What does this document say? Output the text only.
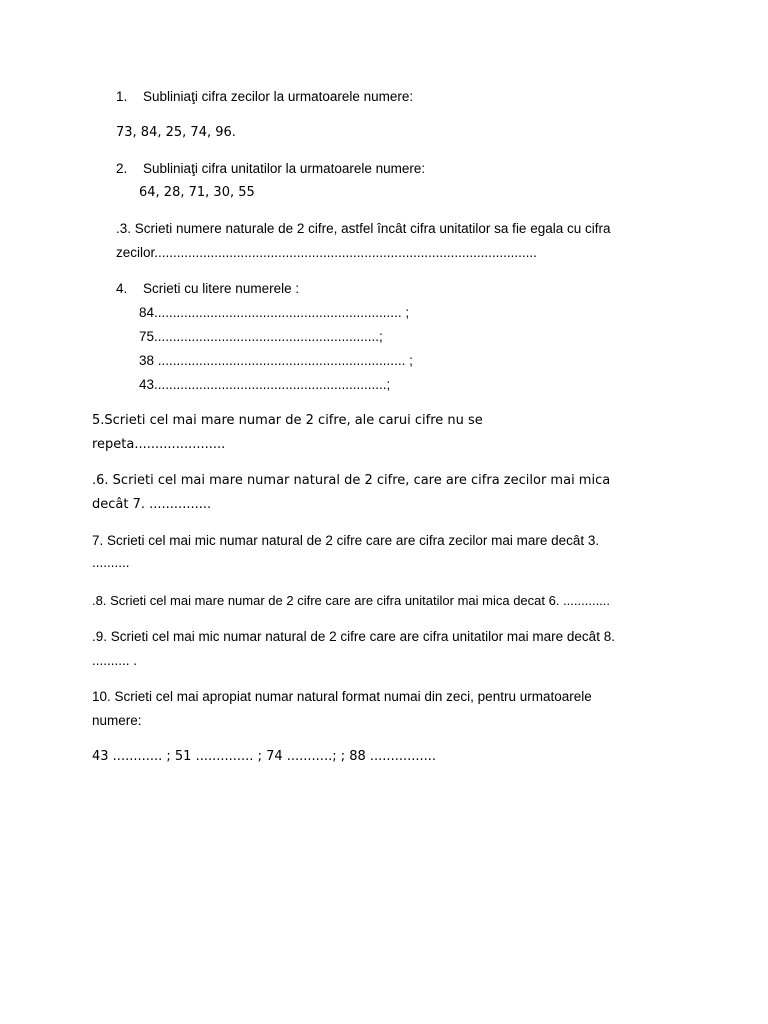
1. Subliniaţi cifra zecilor la urmatoarele numere:
73, 84, 25, 74, 96.
2. Subliniaţi cifra unitatilor la urmatoarele numere:
64, 28, 71, 30, 55
.3. Scrieti numere naturale de 2 cifre, astfel încât cifra unitatilor sa fie egala cu cifra
zecilor......................................................................................................
4. Scrieti cu litere numerele :
84.................................................................. ;
75............................................................;
38 .................................................................. ;
43..............................................................;
5.Scrieti cel mai mare numar de 2 cifre, ale carui cifre nu se
repeta......................
.6. Scrieti cel mai mare numar natural de 2 cifre, care are cifra zecilor mai mica
decât 7. ...............
7. Scrieti cel mai mic numar natural de 2 cifre care are cifra zecilor mai mare decât 3.
..........
.8. Scrieti cel mai mare numar de 2 cifre care are cifra unitatilor mai mica decat 6. .............
.9. Scrieti cel mai mic numar natural de 2 cifre care are cifra unitatilor mai mare decât 8.
.......... .
10. Scrieti cel mai apropiat numar natural format numai din zeci, pentru urmatoarele
numere:
43 ............ ; 51 .............. ; 74 ...........; ; 88 ................
